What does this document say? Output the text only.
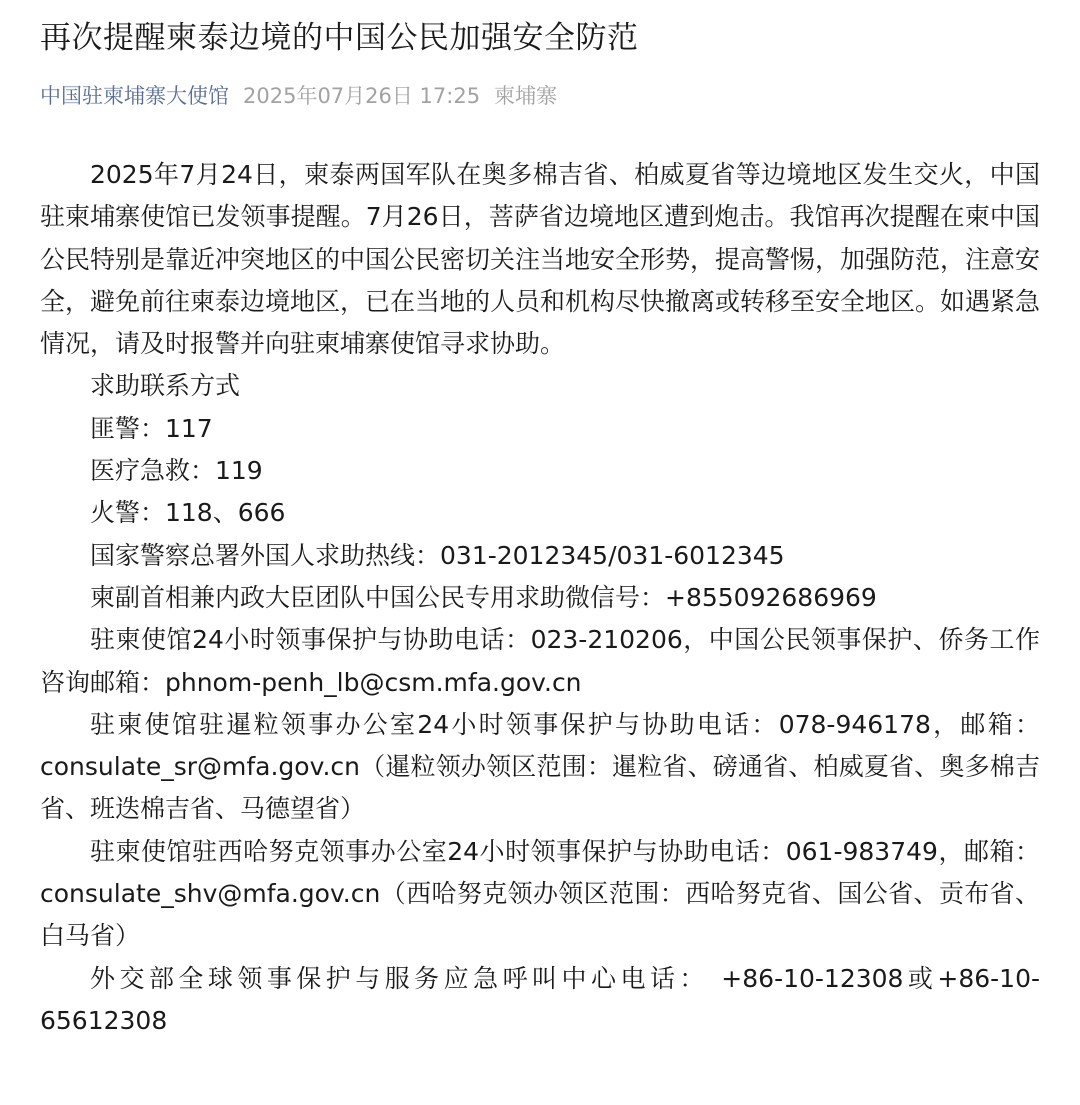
再次提醒柬泰边境的中国公民加强安全防范
中国驻柬埔寨大使馆 2025年07月26日 17:25 柬埔寨

2025年7月24日，柬泰两国军队在奥多棉吉省、柏威夏省等边境地区发生交火，中国驻柬埔寨使馆已发领事提醒。7月26日，菩萨省边境地区遭到炮击。我馆再次提醒在柬中国公民特别是靠近冲突地区的中国公民密切关注当地安全形势，提高警惕，加强防范，注意安全，避免前往柬泰边境地区，已在当地的人员和机构尽快撤离或转移至安全地区。如遇紧急情况，请及时报警并向驻柬埔寨使馆寻求协助。

求助联系方式

匪警：117

医疗急救：119

火警：118、666

国家警察总署外国人求助热线：031-2012345/031-6012345

柬副首相兼内政大臣团队中国公民专用求助微信号：+855092686969

驻柬使馆24小时领事保护与协助电话：023-210206，中国公民领事保护、侨务工作咨询邮箱：phnom-penh_lb@csm.mfa.gov.cn

驻柬使馆驻暹粒领事办公室24小时领事保护与协助电话：078-946178，邮箱：consulate_sr@mfa.gov.cn（暹粒领办领区范围：暹粒省、磅通省、柏威夏省、奥多棉吉省、班迭棉吉省、马德望省）

驻柬使馆驻西哈努克领事办公室24小时领事保护与协助电话：061-983749，邮箱：consulate_shv@mfa.gov.cn（西哈努克领办领区范围：西哈努克省、国公省、贡布省、白马省）

外交部全球领事保护与服务应急呼叫中心电话： +86-10-12308或+86-10-65612308
